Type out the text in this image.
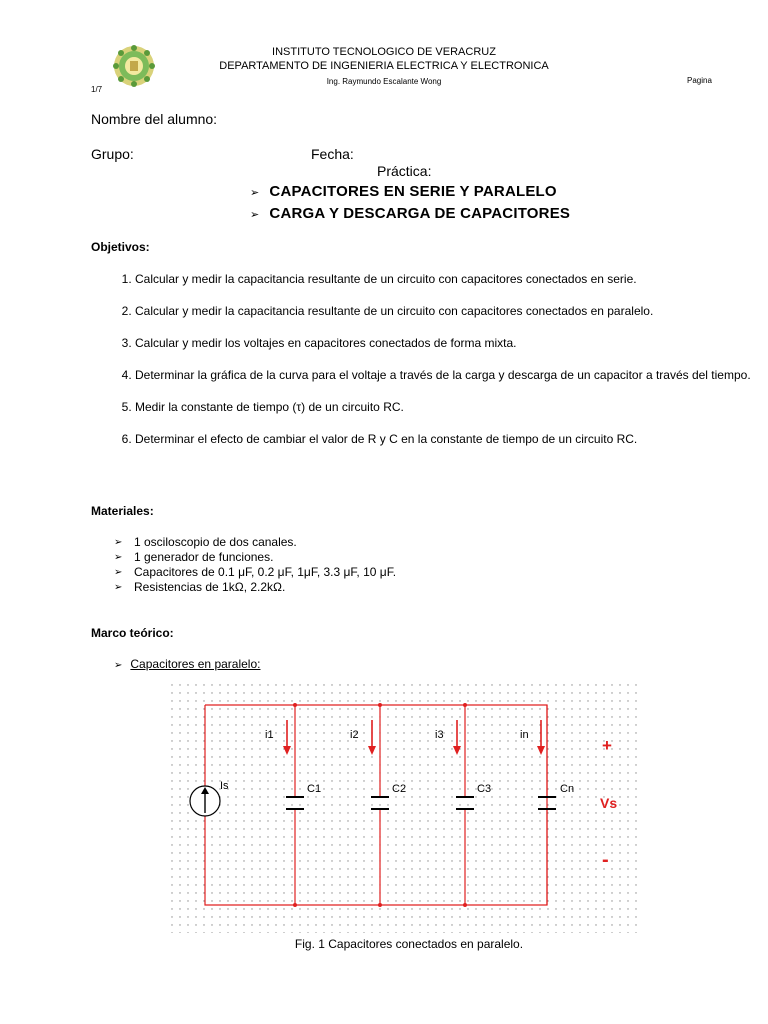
INSTITUTO TECNOLOGICO DE VERACRUZ
DEPARTAMENTO DE INGENIERIA ELECTRICA Y ELECTRONICA
Ing. Raymundo Escalante Wong	Pagina
1/7
Nombre del alumno:
Grupo:	Fecha:
Práctica:
➢ CAPACITORES EN SERIE Y PARALELO
➢ CARGA Y DESCARGA DE CAPACITORES
Objetivos:
1. Calcular y medir la capacitancia resultante de un circuito con capacitores conectados en serie.
2. Calcular y medir la capacitancia resultante de un circuito con capacitores conectados en paralelo.
3. Calcular y medir los voltajes en capacitores conectados de forma mixta.
4. Determinar la gráfica de la curva para el voltaje a través de la carga y descarga de un capacitor a través del tiempo.
5. Medir la constante de tiempo (τ) de un circuito RC.
6. Determinar el efecto de cambiar el valor de R y C en la constante de tiempo de un circuito RC.
Materiales:
➢ 1 osciloscopio de dos canales.
➢ 1 generador de funciones.
➢ Capacitores de 0.1 μF, 0.2 μF, 1μF, 3.3 μF, 10 μF.
➢ Resistencias de 1kΩ, 2.2kΩ.
Marco teórico:
➢ Capacitores en paralelo:
Is
i1	i2	i3	in
C1	C2	C3	Cn
+
Vs
-
Fig. 1 Capacitores conectados en paralelo.
